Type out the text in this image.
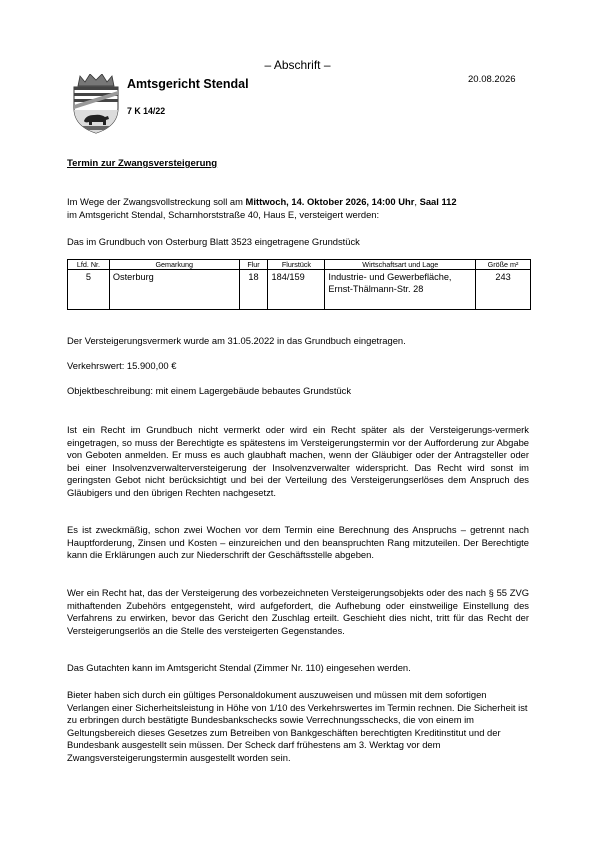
– Abschrift –
Amtsgericht Stendal
7 K 14/22
20.08.2026
Termin zur Zwangsversteigerung
Im Wege der Zwangsvollstreckung soll am Mittwoch, 14. Oktober 2026, 14:00 Uhr, Saal 112
im Amtsgericht Stendal, Scharnhorststraße 40, Haus E, versteigert werden:
Das im Grundbuch von Osterburg Blatt 3523 eingetragene Grundstück
Lfd. Nr.	Gemarkung	Flur	Flurstück	Wirtschaftsart und Lage	Größe m²
5	Osterburg	18	184/159	Industrie- und Gewerbefläche, Ernst-Thälmann-Str. 28	243
Der Versteigerungsvermerk wurde am 31.05.2022 in das Grundbuch eingetragen.
Verkehrswert: 15.900,00 €
Objektbeschreibung: mit einem Lagergebäude bebautes Grundstück
Ist ein Recht im Grundbuch nicht vermerkt oder wird ein Recht später als der Versteigerungs-vermerk eingetragen, so muss der Berechtigte es spätestens im Versteigerungstermin vor der Aufforderung zur Abgabe von Geboten anmelden. Er muss es auch glaubhaft machen, wenn der Gläubiger oder der Antragsteller oder bei einer Insolvenzverwalterversteigerung der Insolvenzverwalter widerspricht. Das Recht wird sonst im geringsten Gebot nicht berücksichtigt und bei der Verteilung des Versteigerungserlöses dem Anspruch des Gläubigers und den übrigen Rechten nachgesetzt.
Es ist zweckmäßig, schon zwei Wochen vor dem Termin eine Berechnung des Anspruchs – getrennt nach Hauptforderung, Zinsen und Kosten – einzureichen und den beanspruchten Rang mitzuteilen. Der Berechtigte kann die Erklärungen auch zur Niederschrift der Geschäftsstelle abgeben.
Wer ein Recht hat, das der Versteigerung des vorbezeichneten Versteigerungsobjekts oder des nach § 55 ZVG mithaftenden Zubehörs entgegensteht, wird aufgefordert, die Aufhebung oder einstweilige Einstellung des Verfahrens zu erwirken, bevor das Gericht den Zuschlag erteilt. Geschieht dies nicht, tritt für das Recht der Versteigerungserlös an die Stelle des versteigerten Gegenstandes.
Das Gutachten kann im Amtsgericht Stendal (Zimmer Nr. 110) eingesehen werden.
Bieter haben sich durch ein gültiges Personaldokument auszuweisen und müssen mit dem sofortigen Verlangen einer Sicherheitsleistung in Höhe von 1/10 des Verkehrswertes im Termin rechnen. Die Sicherheit ist zu erbringen durch bestätigte Bundesbankschecks sowie Verrechnungsschecks, die von einem im Geltungsbereich dieses Gesetzes zum Betreiben von Bankgeschäften berechtigten Kreditinstitut und der Bundesbank ausgestellt sein müssen. Der Scheck darf frühestens am 3. Werktag vor dem Zwangsversteigerungstermin ausgestellt worden sein.
